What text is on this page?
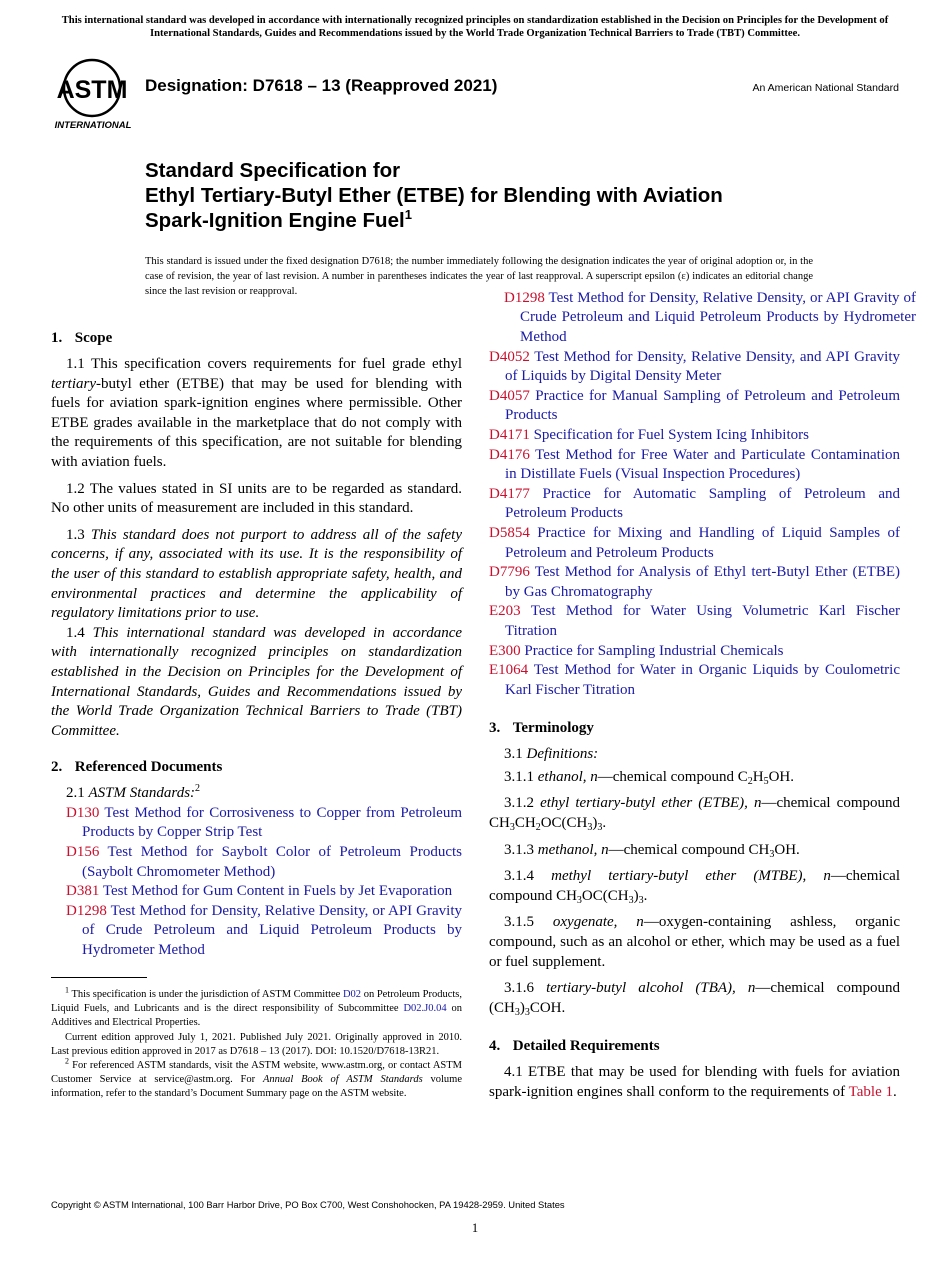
This international standard was developed in accordance with internationally recognized principles on standardization established in the Decision on Principles for the Development of International Standards, Guides and Recommendations issued by the World Trade Organization Technical Barriers to Trade (TBT) Committee.
ASTM
INTERNATIONAL
Designation: D7618 – 13 (Reapproved 2021)	An American National Standard
Standard Specification for
Ethyl Tertiary-Butyl Ether (ETBE) for Blending with Aviation
Spark-Ignition Engine Fuel$^1$
This standard is issued under the fixed designation D7618; the number immediately following the designation indicates the year of original adoption or, in the case of revision, the year of last revision. A number in parentheses indicates the year of last reapproval. A superscript epsilon (ε) indicates an editorial change since the last revision or reapproval.
1. Scope

1.1 This specification covers requirements for fuel grade ethyl tertiary-butyl ether (ETBE) that may be used for blending with fuels for aviation spark-ignition engines where permissible. Other ETBE grades available in the marketplace that do not comply with the requirements of this specification, are not suitable for blending with aviation fuels.

1.2 The values stated in SI units are to be regarded as standard. No other units of measurement are included in this standard.

1.3 This standard does not purport to address all of the safety concerns, if any, associated with its use. It is the responsibility of the user of this standard to establish appropriate safety, health, and environmental practices and determine the applicability of regulatory limitations prior to use.

1.4 This international standard was developed in accordance with internationally recognized principles on standardization established in the Decision on Principles for the Development of International Standards, Guides and Recommendations issued by the World Trade Organization Technical Barriers to Trade (TBT) Committee.

2. Referenced Documents

2.1 ASTM Standards:$^2$

D130 Test Method for Corrosiveness to Copper from Petroleum Products by Copper Strip Test

D156 Test Method for Saybolt Color of Petroleum Products (Saybolt Chromometer Method)

D381 Test Method for Gum Content in Fuels by Jet Evaporation

D1298 Test Method for Density, Relative Density, or API Gravity of Crude Petroleum and Liquid Petroleum Products by Hydrometer Method

D1298 Test Method for Density, Relative Density, or API Gravity of Crude Petroleum and Liquid Petroleum Products by Hydrometer Method

D4052 Test Method for Density, Relative Density, and API Gravity of Liquids by Digital Density Meter

D4057 Practice for Manual Sampling of Petroleum and Petroleum Products

D4171 Specification for Fuel System Icing Inhibitors

D4176 Test Method for Free Water and Particulate Contamination in Distillate Fuels (Visual Inspection Procedures)

D4177 Practice for Automatic Sampling of Petroleum and Petroleum Products

D5854 Practice for Mixing and Handling of Liquid Samples of Petroleum and Petroleum Products

D7796 Test Method for Analysis of Ethyl tert-Butyl Ether (ETBE) by Gas Chromatography

E203 Test Method for Water Using Volumetric Karl Fischer Titration

E300 Practice for Sampling Industrial Chemicals

E1064 Test Method for Water in Organic Liquids by Coulometric Karl Fischer Titration

3. Terminology

3.1 Definitions:

3.1.1 ethanol, n—chemical compound $C_2H_5OH$.

3.1.2 ethyl tertiary-butyl ether (ETBE), n—chemical compound $CH_3CH_2OC(CH_3)_3$.

3.1.3 methanol, n—chemical compound $CH_3OH$.

3.1.4 methyl tertiary-butyl ether (MTBE), n—chemical compound $CH_3OC(CH_3)_3$.

3.1.5 oxygenate, n—oxygen-containing ashless, organic compound, such as an alcohol or ether, which may be used as a fuel or fuel supplement.

3.1.6 tertiary-butyl alcohol (TBA), n—chemical compound $(CH_3)_3COH$.

4. Detailed Requirements

4.1 ETBE that may be used for blending with fuels for aviation spark-ignition engines shall conform to the requirements of Table 1.

$^1$ This specification is under the jurisdiction of ASTM Committee D02 on Petroleum Products, Liquid Fuels, and Lubricants and is the direct responsibility of Subcommittee D02.J0.04 on Additives and Electrical Properties.

Current edition approved July 1, 2021. Published July 2021. Originally approved in 2010. Last previous edition approved in 2017 as D7618 – 13 (2017). DOI: 10.1520/D7618-13R21.

$^2$ For referenced ASTM standards, visit the ASTM website, www.astm.org, or contact ASTM Customer Service at service@astm.org. For Annual Book of ASTM Standards volume information, refer to the standard’s Document Summary page on the ASTM website.

Copyright © ASTM International, 100 Barr Harbor Drive, PO Box C700, West Conshohocken, PA 19428-2959. United States
1
